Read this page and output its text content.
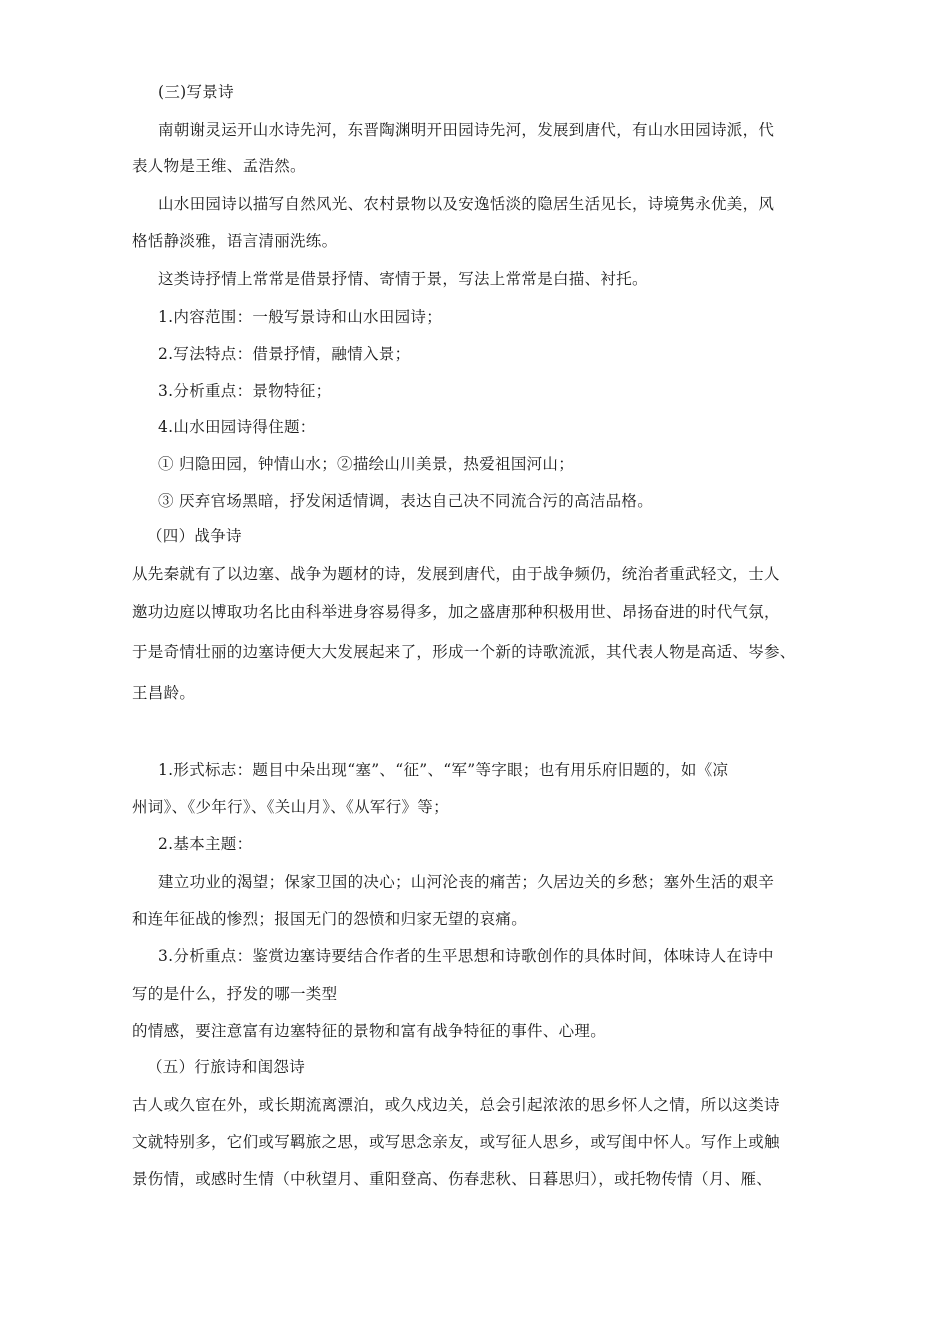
(三)写景诗
南朝谢灵运开山水诗先河，东晋陶渊明开田园诗先河，发展到唐代，有山水田园诗派，代
表人物是王维、孟浩然。
山水田园诗以描写自然风光、农村景物以及安逸恬淡的隐居生活见长，诗境隽永优美，风
格恬静淡雅，语言清丽洗练。
这类诗抒情上常常是借景抒情、寄情于景，写法上常常是白描、衬托。
1.内容范围：一般写景诗和山水田园诗；
2.写法特点：借景抒情，融情入景；
3.分析重点：景物特征；
4.山水田园诗得住题：
① 归隐田园，钟情山水；②描绘山川美景，热爱祖国河山；
③ 厌弃官场黑暗，抒发闲适情调，表达自己决不同流合污的高洁品格。
（四）战争诗
从先秦就有了以边塞、战争为题材的诗，发展到唐代，由于战争频仍，统治者重武轻文，士人
邀功边庭以博取功名比由科举进身容易得多，加之盛唐那种积极用世、昂扬奋进的时代气氛，
于是奇情壮丽的边塞诗便大大发展起来了，形成一个新的诗歌流派，其代表人物是高适、岑参、
王昌龄。
1.形式标志：题目中朵出现“塞”、“征”、“军”等字眼；也有用乐府旧题的，如《凉
州词》、《少年行》、《关山月》、《从军行》等；
2.基本主题：
建立功业的渴望；保家卫国的决心；山河沦丧的痛苦；久居边关的乡愁；塞外生活的艰辛
和连年征战的惨烈；报国无门的怨愤和归家无望的哀痛。
3.分析重点：鉴赏边塞诗要结合作者的生平思想和诗歌创作的具体时间，体味诗人在诗中
写的是什么，抒发的哪一类型
的情感，要注意富有边塞特征的景物和富有战争特征的事件、心理。
（五）行旅诗和闺怨诗
古人或久宦在外，或长期流离漂泊，或久戍边关，总会引起浓浓的思乡怀人之情，所以这类诗
文就特别多，它们或写羁旅之思，或写思念亲友，或写征人思乡，或写闺中怀人。写作上或触
景伤情，或感时生情（中秋望月、重阳登高、伤春悲秋、日暮思归），或托物传情（月、雁、
